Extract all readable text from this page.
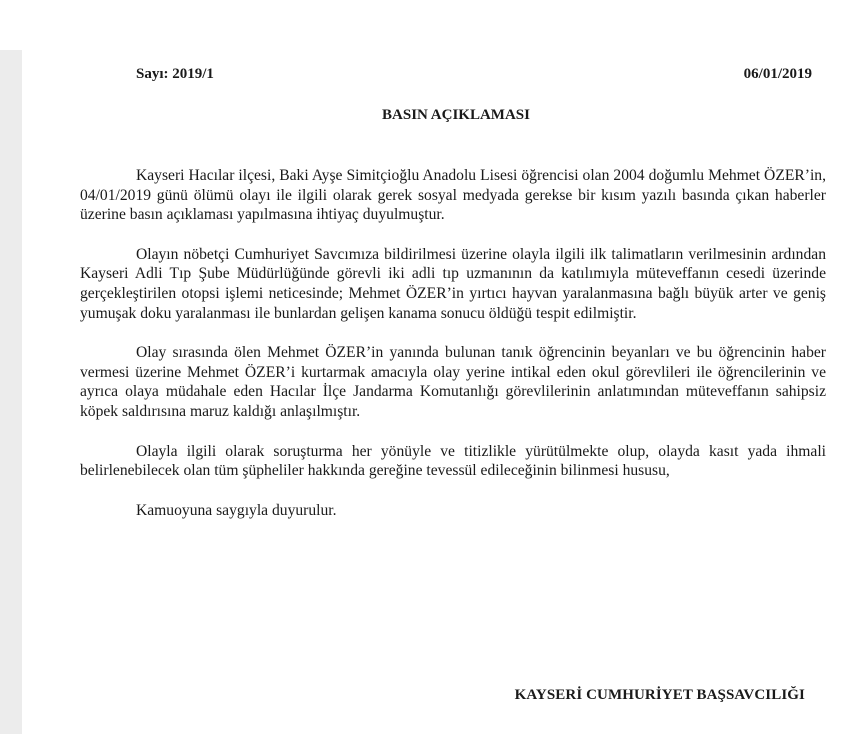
Sayı: 2019/1	06/01/2019
BASIN AÇIKLAMASI

Kayseri Hacılar ilçesi, Baki Ayşe Simitçioğlu Anadolu Lisesi öğrencisi olan 2004 doğumlu Mehmet ÖZER’in, 04/01/2019 günü ölümü olayı ile ilgili olarak gerek sosyal medyada gerekse bir kısım yazılı basında çıkan haberler üzerine basın açıklaması yapılmasına ihtiyaç duyulmuştur.

Olayın nöbetçi Cumhuriyet Savcımıza bildirilmesi üzerine olayla ilgili ilk talimatların verilmesinin ardından Kayseri Adli Tıp Şube Müdürlüğünde görevli iki adli tıp uzmanının da katılımıyla müteveffanın cesedi üzerinde gerçekleştirilen otopsi işlemi neticesinde; Mehmet ÖZER’in yırtıcı hayvan yaralanmasına bağlı büyük arter ve geniş yumuşak doku yaralanması ile bunlardan gelişen kanama sonucu öldüğü tespit edilmiştir.

Olay sırasında ölen Mehmet ÖZER’in yanında bulunan tanık öğrencinin beyanları ve bu öğrencinin haber vermesi üzerine Mehmet ÖZER’i kurtarmak amacıyla olay yerine intikal eden okul görevlileri ile öğrencilerinin ve ayrıca olaya müdahale eden Hacılar İlçe Jandarma Komutanlığı görevlilerinin anlatımından müteveffanın sahipsiz köpek saldırısına maruz kaldığı anlaşılmıştır.

Olayla ilgili olarak soruşturma her yönüyle ve titizlikle yürütülmekte olup, olayda kasıt yada ihmali belirlenebilecek olan tüm şüpheliler hakkında gereğine tevessül edileceğinin bilinmesi hususu,

Kamuoyuna saygıyla duyurulur.

KAYSERİ CUMHURİYET BAŞSAVCILIĞI
